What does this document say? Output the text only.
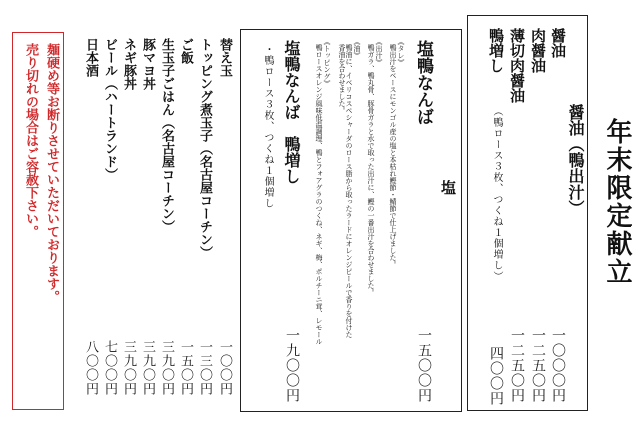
年末限定献立
醤油（鴨出汁）
醤油
肉醤油
薄切肉醤油
鴨増し
（鴨ロース３枚、つくね１個増し）
一〇〇〇円
一二五〇円
一二五〇円
四〇〇円
塩
塩鴨なんば
《タレ》
鴨出汁をベースにモンゴル産の塩と本枯れ鰹節・鯖節で仕上げました。
《出汁》
鴨ガラ、鴨丸骨、豚骨ガラと水で取った出汁に、鰹の一番出汁を合わせました。
《油》
鴨油に、イベリコスペシャーダのロース脂から取ったラードにオレンジピールで香りを付けた香油を合わせました。
《トッピング》
鴨ロースオレンジ風味低温調理、鴨とフォアグラのつくね、ネギ、梅、ポルチーニ茸、レモール
塩鴨なんば　鴨増し
・鴨ロース３枚、つくね１個増し
一五〇〇円
一九〇〇円
替え玉
トッピング煮玉子（名古屋コーチン）
ご飯
生玉子ごはん（名古屋コーチン）
豚マヨ丼
ネギ豚丼
ビール（ハートランド）
日本酒
一〇〇円
一三〇円
一五〇円
三九〇円
三九〇円
三九〇円
七〇〇円
八〇〇円
麺硬め等お断りさせていただいております。
売り切れの場合はご容赦下さい。
